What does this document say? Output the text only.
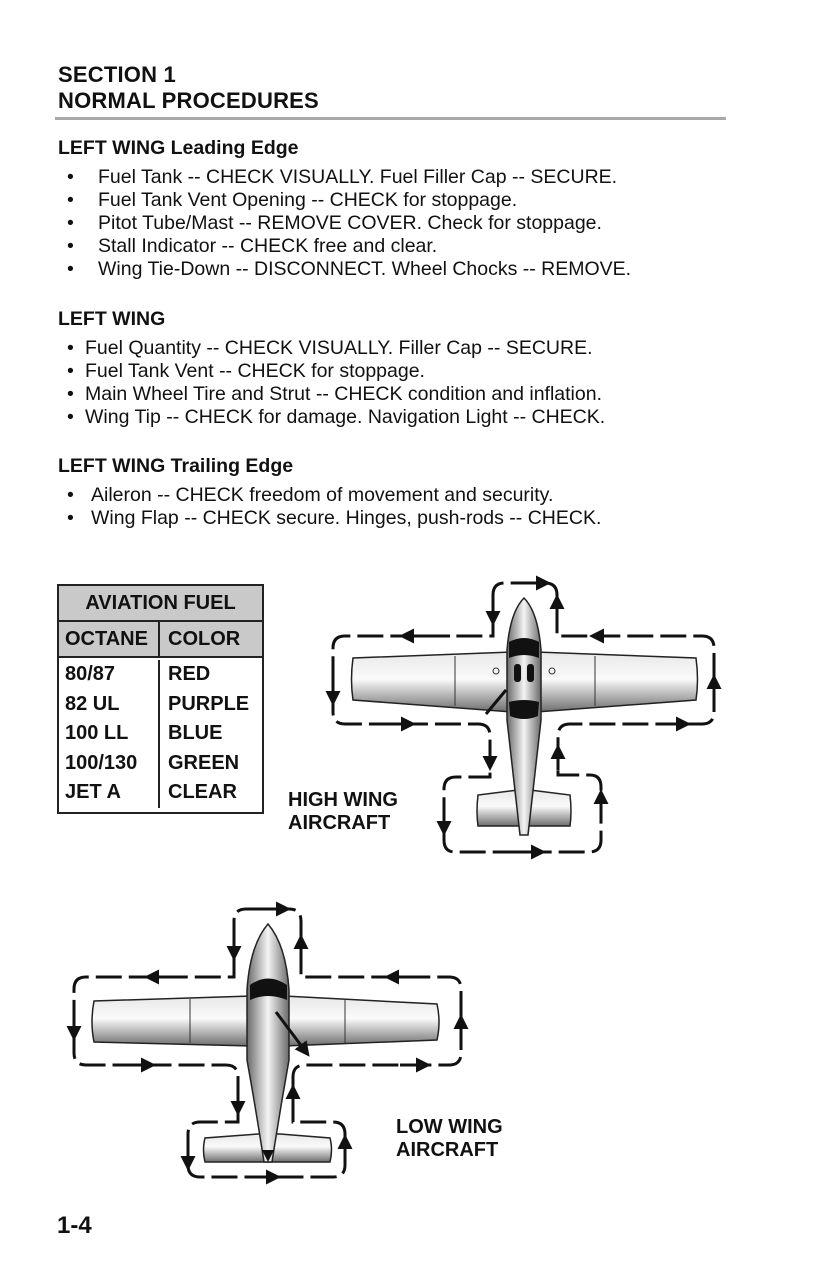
SECTION 1
NORMAL PROCEDURES
LEFT WING Leading Edge
• Fuel Tank -- CHECK VISUALLY. Fuel Filler Cap -- SECURE.
• Fuel Tank Vent Opening -- CHECK for stoppage.
• Pitot Tube/Mast -- REMOVE COVER. Check for stoppage.
• Stall Indicator -- CHECK free and clear.
• Wing Tie-Down -- DISCONNECT. Wheel Chocks -- REMOVE.
LEFT WING
• Fuel Quantity -- CHECK VISUALLY. Filler Cap -- SECURE.
• Fuel Tank Vent -- CHECK for stoppage.
• Main Wheel Tire and Strut -- CHECK condition and inflation.
• Wing Tip -- CHECK for damage. Navigation Light -- CHECK.
LEFT WING Trailing Edge
• Aileron -- CHECK freedom of movement and security.
• Wing Flap -- CHECK secure. Hinges, push-rods -- CHECK.
AVIATION FUEL
OCTANE	COLOR
80/87	RED
82 UL	PURPLE
100 LL	BLUE
100/130	GREEN
JET A	CLEAR	HIGH WING
AIRCRAFT
LOW WING
AIRCRAFT
1-4
